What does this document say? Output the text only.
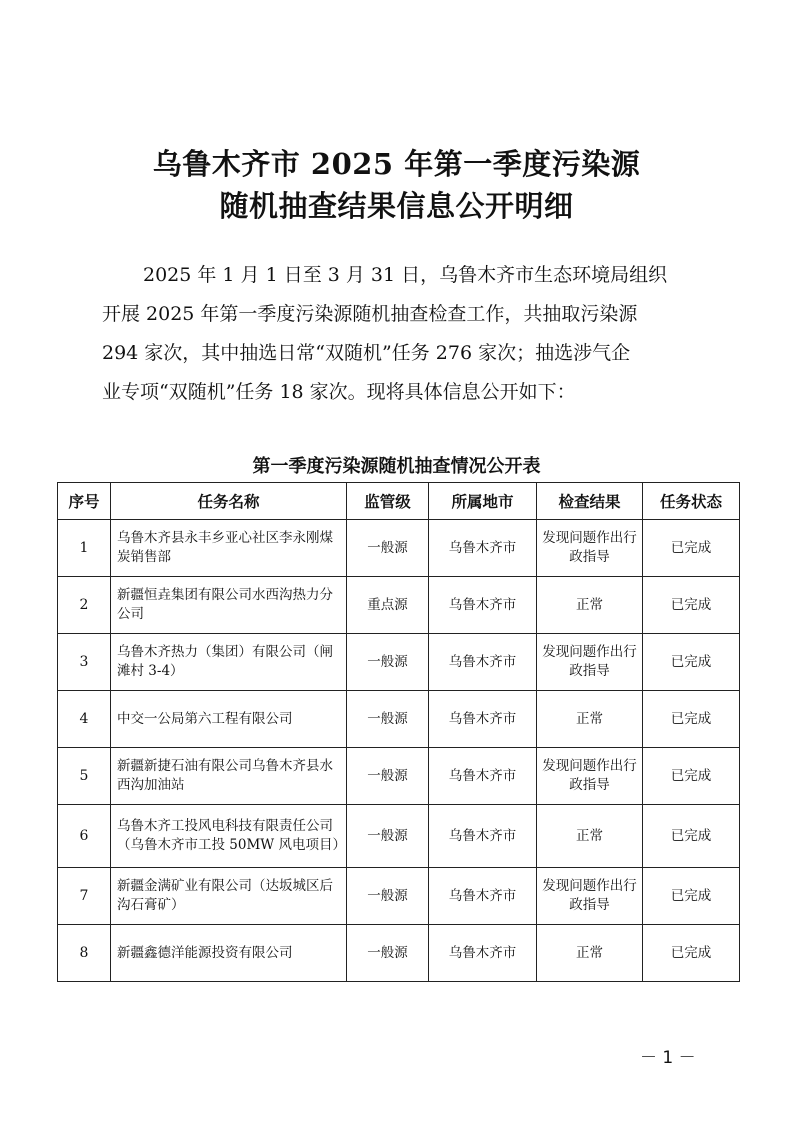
乌鲁木齐市 2025 年第一季度污染源
随机抽查结果信息公开明细
2025 年 1 月 1 日至 3 月 31 日，乌鲁木齐市生态环境局组织
开展 2025 年第一季度污染源随机抽查检查工作，共抽取污染源
294 家次，其中抽选日常“双随机”任务 276 家次；抽选涉气企
业专项“双随机”任务 18 家次。现将具体信息公开如下：
第一季度污染源随机抽查情况公开表
序号	任务名称	监管级	所属地市	检查结果	任务状态
1	乌鲁木齐县永丰乡亚心社区李永刚煤炭销售部	一般源	乌鲁木齐市	发现问题作出行政指导	已完成
2	新疆恒垚集团有限公司水西沟热力分公司	重点源	乌鲁木齐市	正常	已完成
3	乌鲁木齐热力（集团）有限公司（闸滩村 3-4）	一般源	乌鲁木齐市	发现问题作出行政指导	已完成
4	中交一公局第六工程有限公司	一般源	乌鲁木齐市	正常	已完成
5	新疆新捷石油有限公司乌鲁木齐县水西沟加油站	一般源	乌鲁木齐市	发现问题作出行政指导	已完成
6	乌鲁木齐工投风电科技有限责任公司（乌鲁木齐市工投 50MW 风电项目）	一般源	乌鲁木齐市	正常	已完成
7	新疆金满矿业有限公司（达坂城区后沟石膏矿）	一般源	乌鲁木齐市	发现问题作出行政指导	已完成
8	新疆鑫德洋能源投资有限公司	一般源	乌鲁木齐市	正常	已完成
－ 1 －
